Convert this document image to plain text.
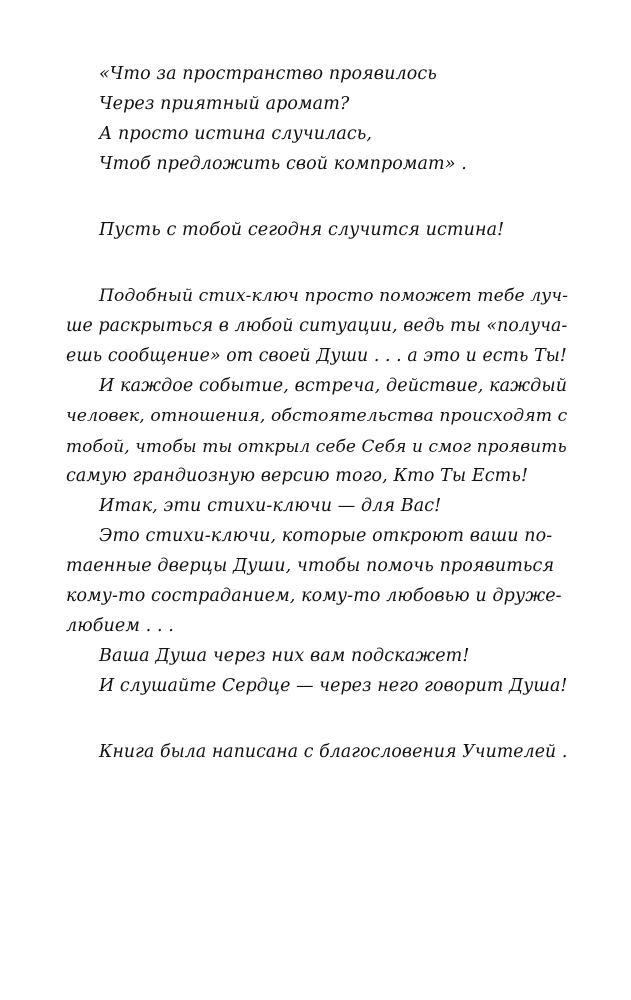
«Что за пространство проявилось
Через приятный аромат?
А просто истина случилась,
Чтоб предложить свой компромат» .
Пусть с тобой сегодня случится истина!
Подобный стих-ключ просто поможет тебе луч-
ше раскрыться в любой ситуации, ведь ты «получа-
ешь сообщение» от своей Души . . . а это и есть Ты!
И каждое событие, встреча, действие, каждый
человек, отношения, обстоятельства происходят с
тобой, чтобы ты открыл себе Себя и смог проявить
самую грандиозную версию того, Кто Ты Есть!
Итак, эти стихи-ключи — для Вас!
Это стихи-ключи, которые откроют ваши по-
таенные дверцы Души, чтобы помочь проявиться
кому-то состраданием, кому-то любовью и друже-
любием . . .
Ваша Душа через них вам подскажет!
И слушайте Сердце — через него говорит Душа!
Книга была написана с благословения Учителей .
